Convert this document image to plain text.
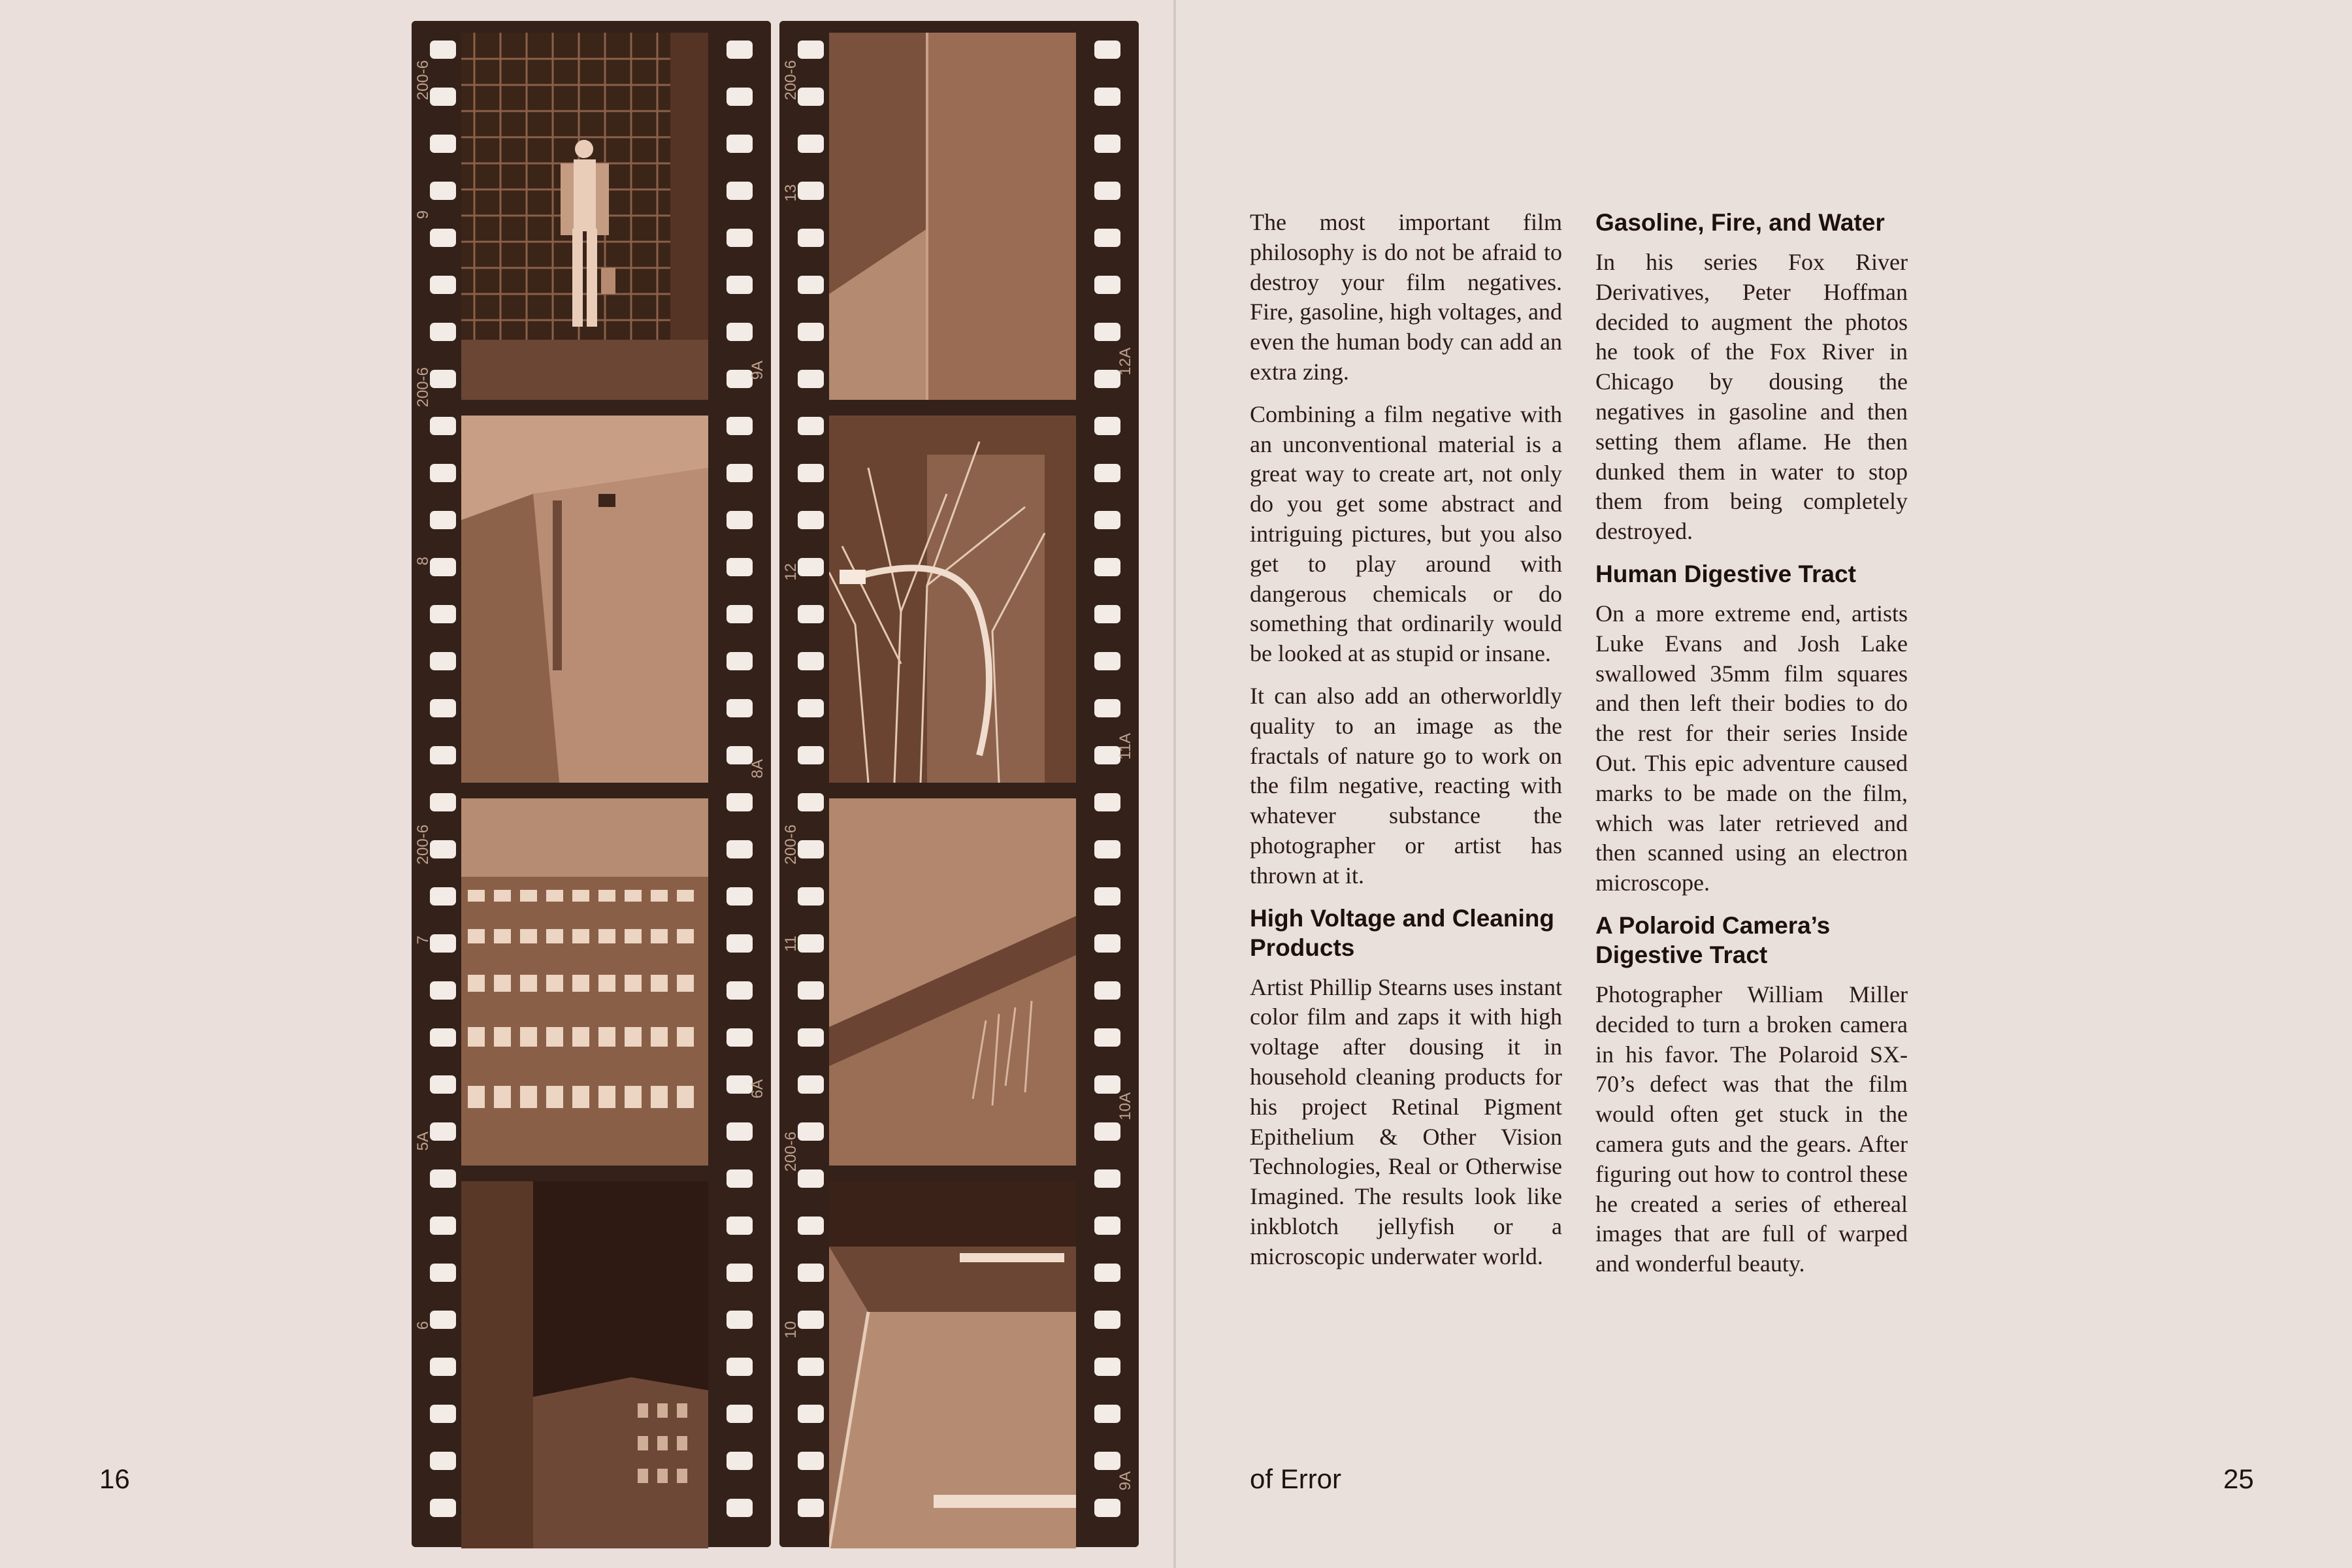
200-6
9
200-6
8
200-6
7
5A
6
9A
8A
6A
200-6
13
12
200-6
11
200-6
10
12A
11A
10A
9A
16

The most important film philosophy is do not be afraid to destroy your film negatives. Fire, gasoline, high voltages, and even the human body can add an extra zing.

Combining a film negative with an unconventional material is a great way to create art, not only do you get some abstract and intriguing pictures, but you also get to play around with dangerous chemicals or do something that ordinarily would be looked at as stupid or insane.

It can also add an otherworldly quality to an image as the fractals of nature go to work on the film negative, reacting with whatever substance the photographer or artist has thrown at it.

High Voltage and Cleaning Products

Artist Phillip Stearns uses instant color film and zaps it with high voltage after dousing it in household cleaning products for his project Retinal Pigment Epithelium & Other Vision Technologies, Real or Otherwise Imagined. The results look like inkblotch jellyfish or a microscopic underwater world.

Gasoline, Fire, and Water

In his series Fox River Derivatives, Peter Hoffman decided to augment the photos he took of the Fox River in Chicago by dousing the negatives in gasoline and then setting them aflame. He then dunked them in water to stop them from being completely destroyed.

Human Digestive Tract

On a more extreme end, artists Luke Evans and Josh Lake swallowed 35mm film squares and then left their bodies to do the rest for their series Inside Out. This epic adventure caused marks to be made on the film, which was later retrieved and then scanned using an electron microscope.

A Polaroid Camera’s Digestive Tract

Photographer William Miller decided to turn a broken camera in his favor. The Polaroid SX-70’s defect was that the film would often get stuck in the camera guts and the gears. After figuring out how to control these he created a series of ethereal images that are full of warped and wonderful beauty.

of Error	25
